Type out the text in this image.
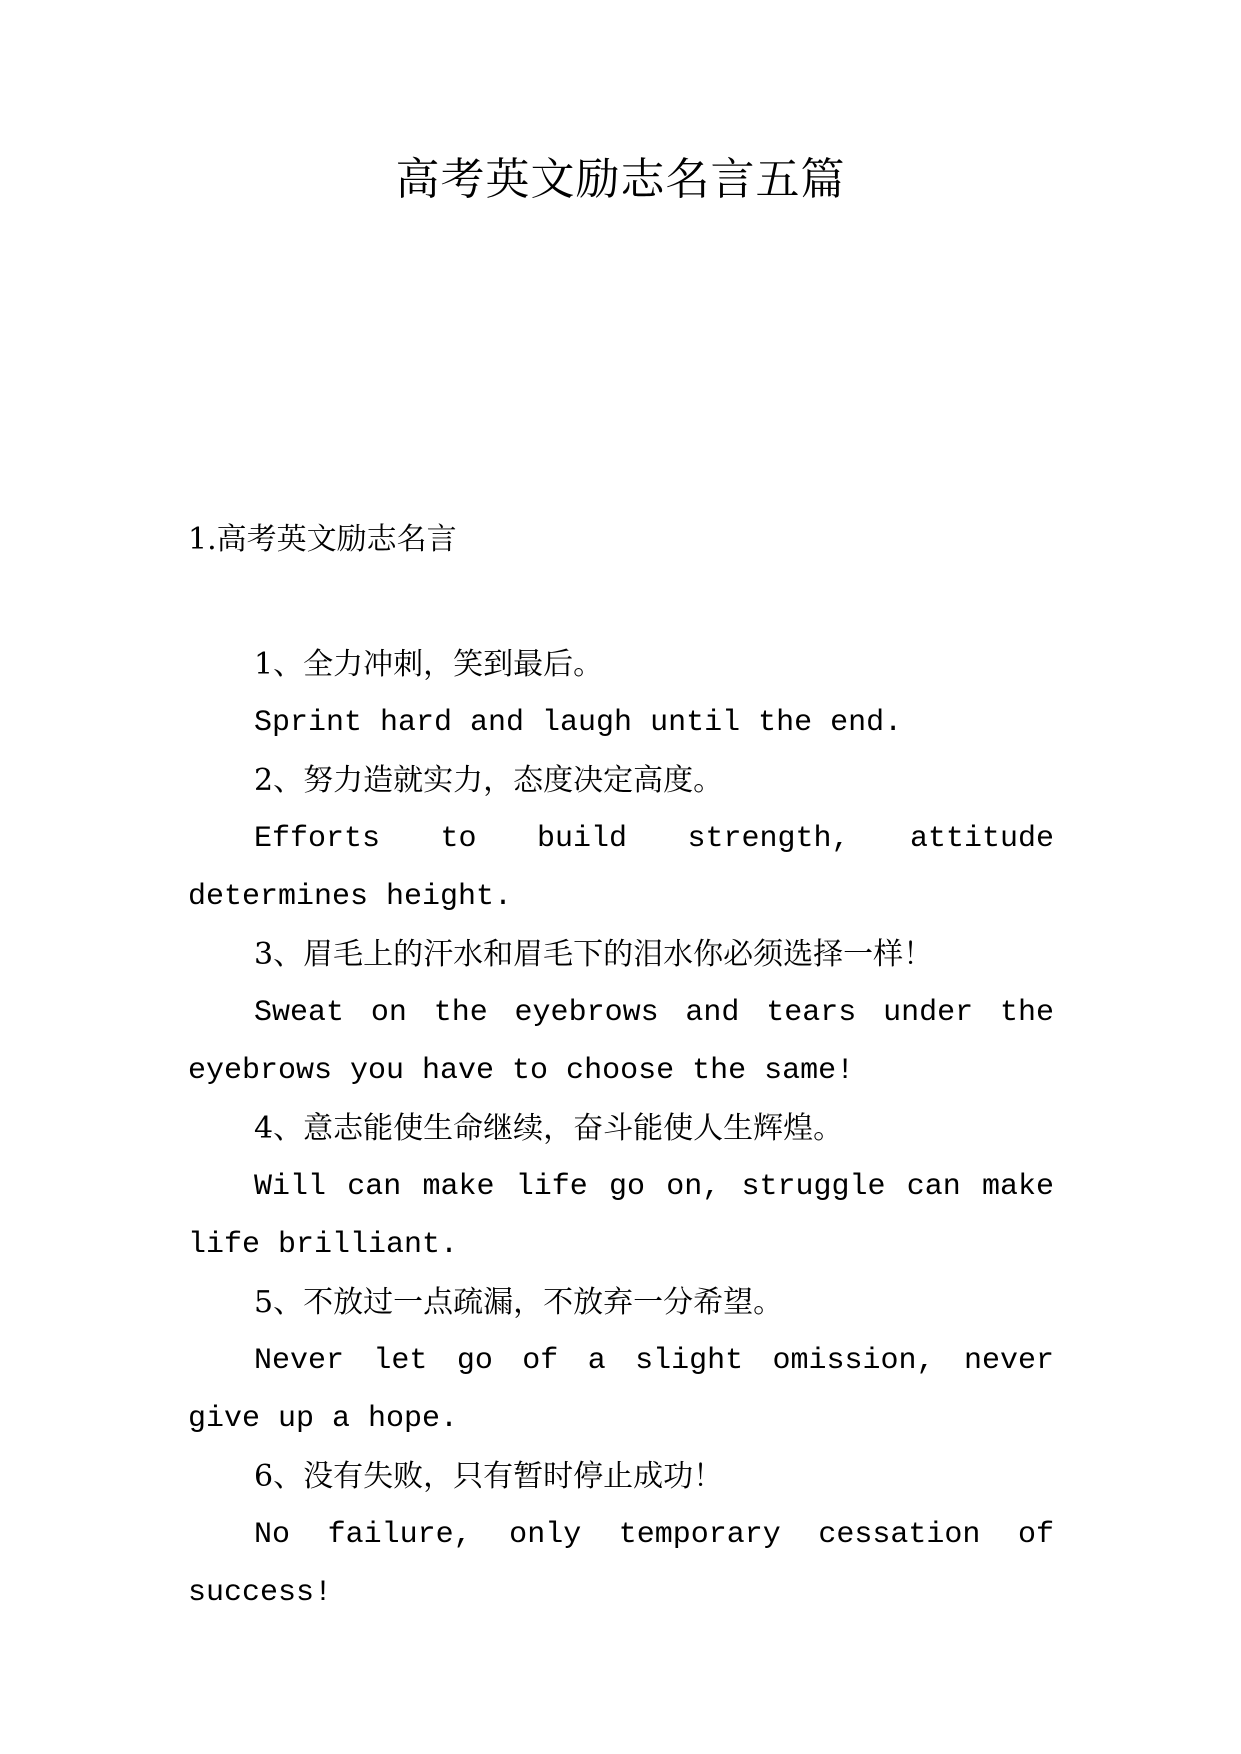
高考英文励志名言五篇
1.高考英文励志名言
1、全力冲刺，笑到最后。
Sprint hard and laugh until the end.
2、努力造就实力，态度决定高度。
Efforts to build strength, attitude determines height.
3、眉毛上的汗水和眉毛下的泪水你必须选择一样！
Sweat on the eyebrows and tears under the eyebrows you have to choose the same!
4、意志能使生命继续，奋斗能使人生辉煌。
Will can make life go on, struggle can make life brilliant.
5、不放过一点疏漏，不放弃一分希望。
Never let go of a slight omission, never give up a hope.
6、没有失败，只有暂时停止成功！
No failure, only temporary cessation of success!
